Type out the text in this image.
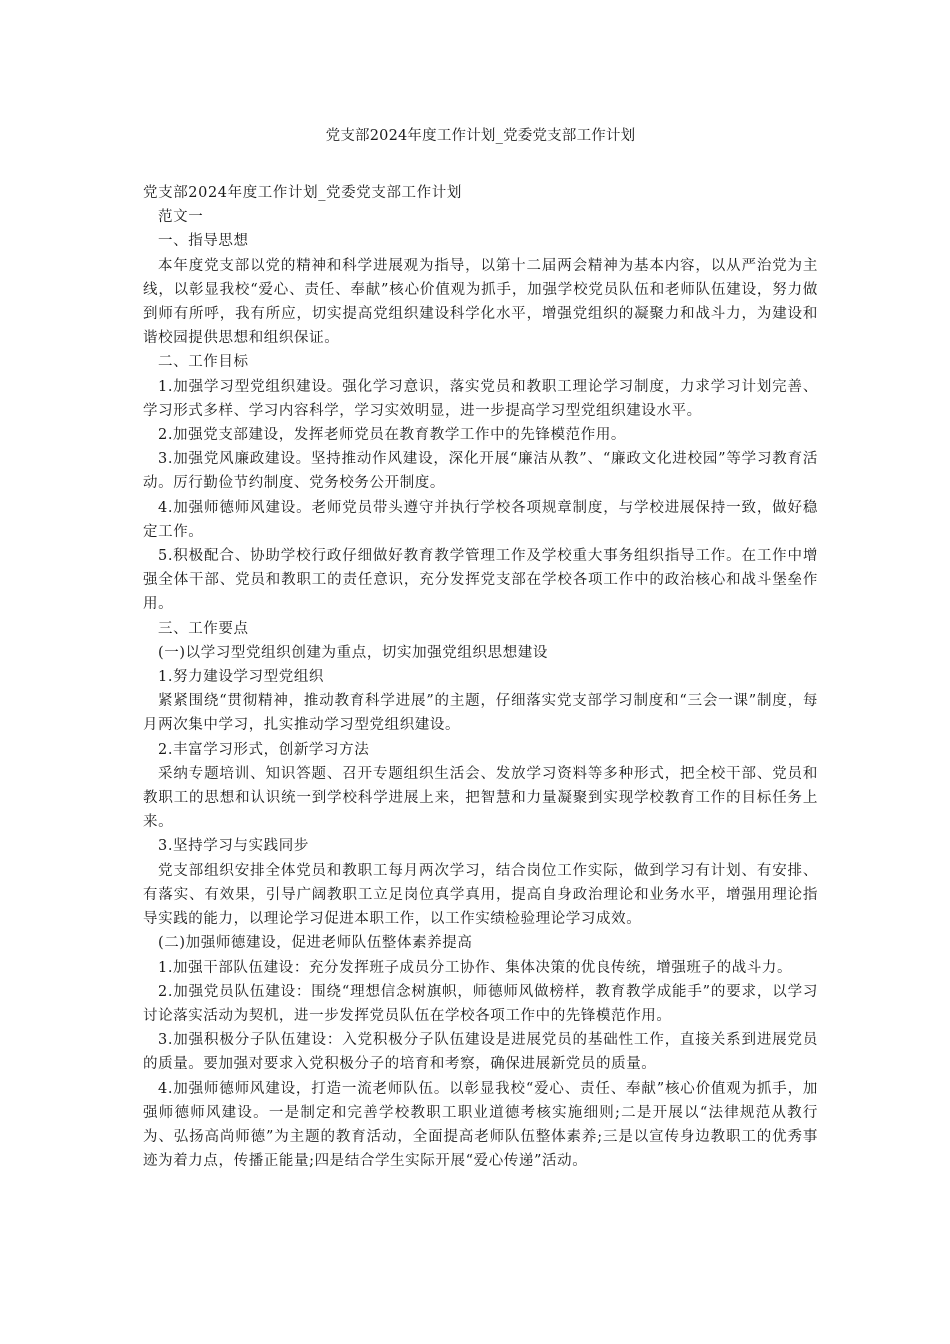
党支部2024年度工作计划_党委党支部工作计划

党支部2024年度工作计划_党委党支部工作计划

范文一

一、指导思想

本年度党支部以党的精神和科学进展观为指导，以第十二届两会精神为基本内容，以从严治党为主线，以彰显我校“爱心、责任、奉献”核心价值观为抓手，加强学校党员队伍和老师队伍建设，努力做到师有所呼，我有所应，切实提高党组织建设科学化水平，增强党组织的凝聚力和战斗力，为建设和谐校园提供思想和组织保证。

二、工作目标

1.加强学习型党组织建设。强化学习意识，落实党员和教职工理论学习制度，力求学习计划完善、学习形式多样、学习内容科学，学习实效明显，进一步提高学习型党组织建设水平。

2.加强党支部建设，发挥老师党员在教育教学工作中的先锋模范作用。

3.加强党风廉政建设。坚持推动作风建设，深化开展“廉洁从教”、“廉政文化进校园”等学习教育活动。厉行勤俭节约制度、党务校务公开制度。

4.加强师德师风建设。老师党员带头遵守并执行学校各项规章制度，与学校进展保持一致，做好稳定工作。

5.积极配合、协助学校行政仔细做好教育教学管理工作及学校重大事务组织指导工作。在工作中增强全体干部、党员和教职工的责任意识，充分发挥党支部在学校各项工作中的政治核心和战斗堡垒作用。

三、工作要点

(一)以学习型党组织创建为重点，切实加强党组织思想建设

1.努力建设学习型党组织

紧紧围绕“贯彻精神，推动教育科学进展”的主题，仔细落实党支部学习制度和“三会一课”制度，每月两次集中学习，扎实推动学习型党组织建设。

2.丰富学习形式，创新学习方法

采纳专题培训、知识答题、召开专题组织生活会、发放学习资料等多种形式，把全校干部、党员和教职工的思想和认识统一到学校科学进展上来，把智慧和力量凝聚到实现学校教育工作的目标任务上来。

3.坚持学习与实践同步

党支部组织安排全体党员和教职工每月两次学习，结合岗位工作实际，做到学习有计划、有安排、有落实、有效果，引导广阔教职工立足岗位真学真用，提高自身政治理论和业务水平，增强用理论指导实践的能力，以理论学习促进本职工作，以工作实绩检验理论学习成效。

(二)加强师德建设，促进老师队伍整体素养提高

1.加强干部队伍建设：充分发挥班子成员分工协作、集体决策的优良传统，增强班子的战斗力。

2.加强党员队伍建设：围绕“理想信念树旗帜，师德师风做榜样，教育教学成能手”的要求，以学习讨论落实活动为契机，进一步发挥党员队伍在学校各项工作中的先锋模范作用。

3.加强积极分子队伍建设：入党积极分子队伍建设是进展党员的基础性工作，直接关系到进展党员的质量。要加强对要求入党积极分子的培育和考察，确保进展新党员的质量。

4.加强师德师风建设，打造一流老师队伍。以彰显我校“爱心、责任、奉献”核心价值观为抓手，加强师德师风建设。一是制定和完善学校教职工职业道德考核实施细则;二是开展以“法律规范从教行为、弘扬高尚师德”为主题的教育活动，全面提高老师队伍整体素养;三是以宣传身边教职工的优秀事迹为着力点，传播正能量;四是结合学生实际开展“爱心传递”活动。
